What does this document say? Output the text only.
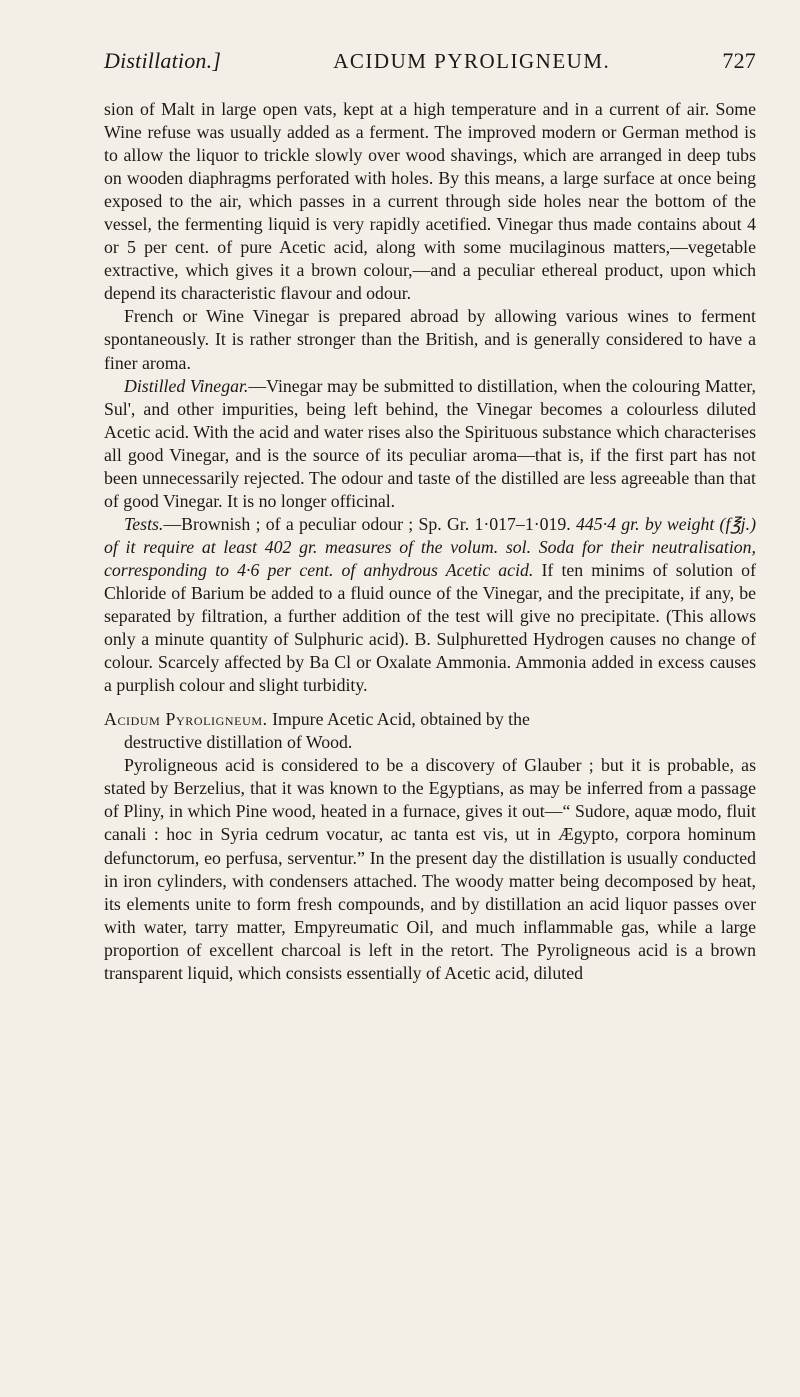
Distillation.]	ACIDUM PYROLIGNEUM.	727

sion of Malt in large open vats, kept at a high temperature and in a current of air. Some Wine refuse was usually added as a ferment. The improved modern or German method is to allow the liquor to trickle slowly over wood shavings, which are arranged in deep tubs on wooden diaphragms perforated with holes. By this means, a large surface at once being exposed to the air, which passes in a current through side holes near the bottom of the vessel, the fermenting liquid is very rapidly acetified. Vinegar thus made contains about 4 or 5 per cent. of pure Acetic acid, along with some mucilaginous matters,—vegetable extractive, which gives it a brown colour,—and a peculiar ethereal product, upon which depend its characteristic flavour and odour.

French or Wine Vinegar is prepared abroad by allowing various wines to ferment spontaneously. It is rather stronger than the British, and is generally considered to have a finer aroma.

Distilled Vinegar.—Vinegar may be submitted to distillation, when the colouring Matter, Sul', and other impurities, being left behind, the Vinegar becomes a colourless diluted Acetic acid. With the acid and water rises also the Spirituous substance which characterises all good Vinegar, and is the source of its peculiar aroma—that is, if the first part has not been unnecessarily rejected. The odour and taste of the distilled are less agreeable than that of good Vinegar. It is no longer officinal.

Tests.—Brownish ; of a peculiar odour ; Sp. Gr. 1·017–1·019. 445·4 gr. by weight (f℥j.) of it require at least 402 gr. measures of the volum. sol. Soda for their neutralisation, corresponding to 4·6 per cent. of anhydrous Acetic acid. If ten minims of solution of Chloride of Barium be added to a fluid ounce of the Vinegar, and the precipitate, if any, be separated by filtration, a further addition of the test will give no precipitate. (This allows only a minute quantity of Sulphuric acid). B. Sulphuretted Hydrogen causes no change of colour. Scarcely affected by Ba Cl or Oxalate Ammonia. Ammonia added in excess causes a purplish colour and slight turbidity.

Acidum Pyroligneum. Impure Acetic Acid, obtained by the
destructive distillation of Wood.

Pyroligneous acid is considered to be a discovery of Glauber ; but it is probable, as stated by Berzelius, that it was known to the Egyptians, as may be inferred from a passage of Pliny, in which Pine wood, heated in a furnace, gives it out—“ Sudore, aquæ modo, fluit canali : hoc in Syria cedrum vocatur, ac tanta est vis, ut in Ægypto, corpora hominum defunctorum, eo perfusa, serventur.” In the present day the distillation is usually conducted in iron cylinders, with condensers attached. The woody matter being decomposed by heat, its elements unite to form fresh compounds, and by distillation an acid liquor passes over with water, tarry matter, Empyreumatic Oil, and much inflammable gas, while a large proportion of excellent charcoal is left in the retort. The Pyroligneous acid is a brown transparent liquid, which consists essentially of Acetic acid, diluted
